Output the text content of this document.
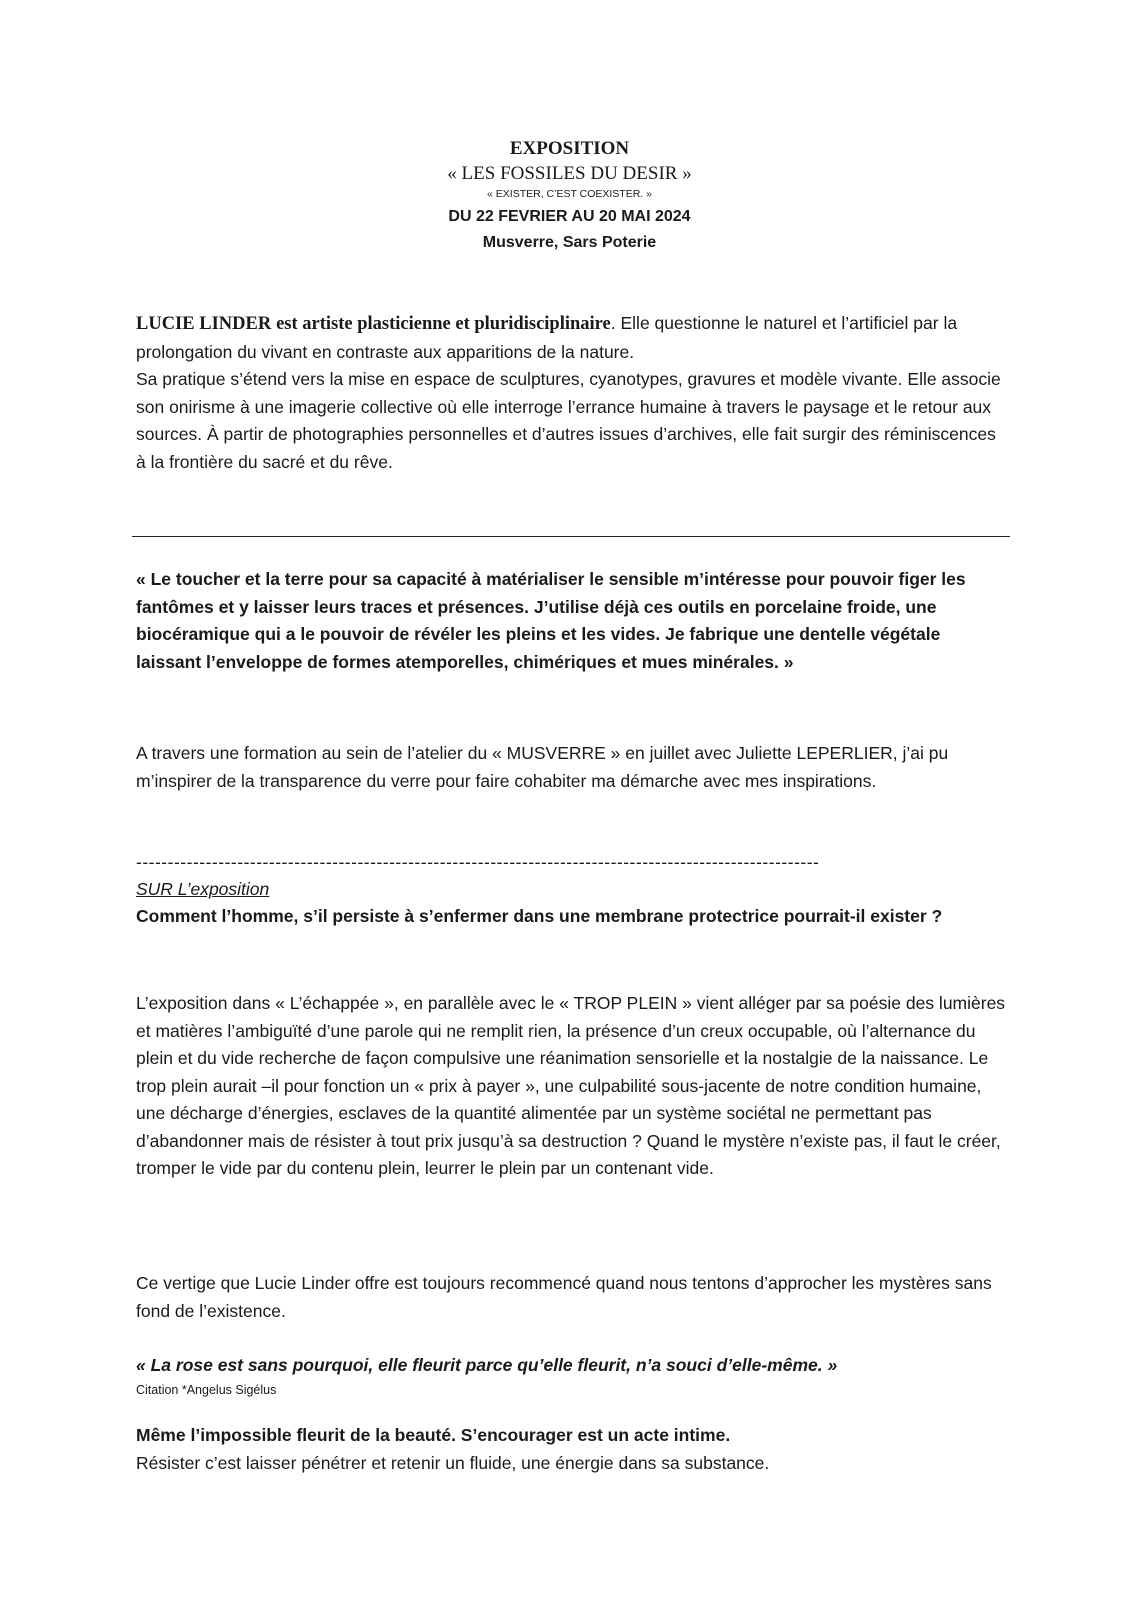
EXPOSITION
« LES FOSSILES DU DESIR »
« EXISTER, C’EST COEXISTER. »
DU 22 FEVRIER AU 20 MAI 2024
Musverre, Sars Poterie
LUCIE LINDER est artiste plasticienne et pluridisciplinaire. Elle questionne le naturel et l’artificiel par la prolongation du vivant en contraste aux apparitions de la nature.
Sa pratique s’étend vers la mise en espace de sculptures, cyanotypes, gravures et modèle vivante. Elle associe son onirisme à une imagerie collective où elle interroge l’errance humaine à travers le paysage et le retour aux sources. À partir de photographies personnelles et d’autres issues d’archives, elle fait surgir des réminiscences à la frontière du sacré et du rêve.
« Le toucher et la terre pour sa capacité à matérialiser le sensible m’intéresse pour pouvoir figer les fantômes et y laisser leurs traces et présences. J’utilise déjà ces outils en porcelaine froide, une biocéramique qui a le pouvoir de révéler les pleins et les vides. Je fabrique une dentelle végétale laissant l’enveloppe de formes atemporelles, chimériques et mues minérales. »
A travers une formation au sein de l’atelier du « MUSVERRE » en juillet avec Juliette LEPERLIER, j’ai pu m’inspirer de la transparence du verre pour faire cohabiter ma démarche avec mes inspirations.
------------------------------------------------------------------------------------------------------------
SUR L’exposition
Comment l’homme, s’il persiste à s’enfermer dans une membrane protectrice pourrait-il exister ?
L’exposition dans « L’échappée », en parallèle avec le « TROP PLEIN » vient alléger par sa poésie des lumières et matières l’ambiguïté d’une parole qui ne remplit rien, la présence d’un creux occupable, où l’alternance du plein et du vide recherche de façon compulsive une réanimation sensorielle et la nostalgie de la naissance. Le trop plein aurait –il pour fonction un « prix à payer », une culpabilité sous-jacente de notre condition humaine, une décharge d’énergies, esclaves de la quantité alimentée par un système sociétal ne permettant pas d’abandonner mais de résister à tout prix jusqu’à sa destruction ? Quand le mystère n’existe pas, il faut le créer, tromper le vide par du contenu plein, leurrer le plein par un contenant vide.
Ce vertige que Lucie Linder offre est toujours recommencé quand nous tentons d’approcher les mystères sans fond de l’existence.
« La rose est sans pourquoi, elle fleurit parce qu’elle fleurit, n’a souci d’elle-même. »
Citation *Angelus Sigélus
Même l’impossible fleurit de la beauté. S’encourager est un acte intime.
Résister c’est laisser pénétrer et retenir un fluide, une énergie dans sa substance.
